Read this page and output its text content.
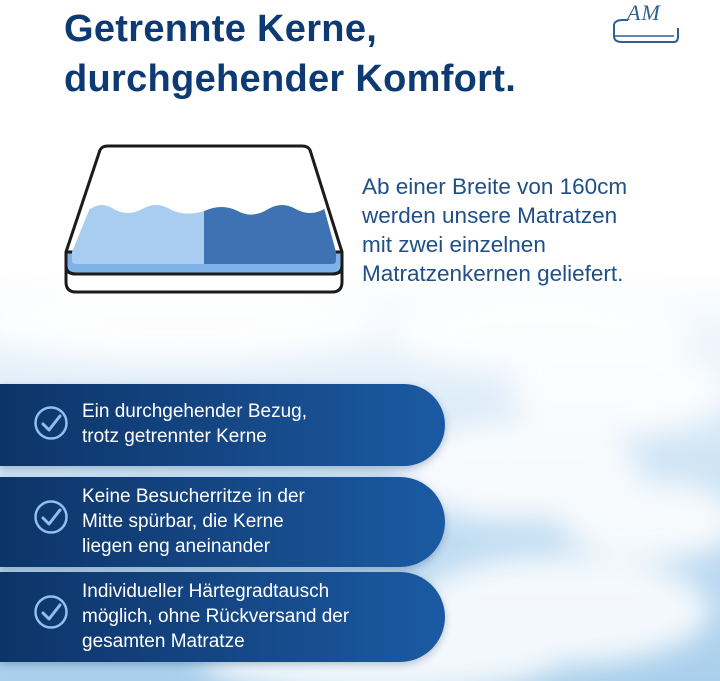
Getrennte Kerne,
durchgehender Komfort.
AM

Ab einer Breite von 160cm
werden unsere Matratzen
mit zwei einzelnen
Matratzenkernen geliefert.

Ein durchgehender Bezug,
trotz getrennter Kerne
Keine Besucherritze in der
Mitte spürbar, die Kerne
liegen eng aneinander
Individueller Härtegradtausch
möglich, ohne Rückversand der
gesamten Matratze
